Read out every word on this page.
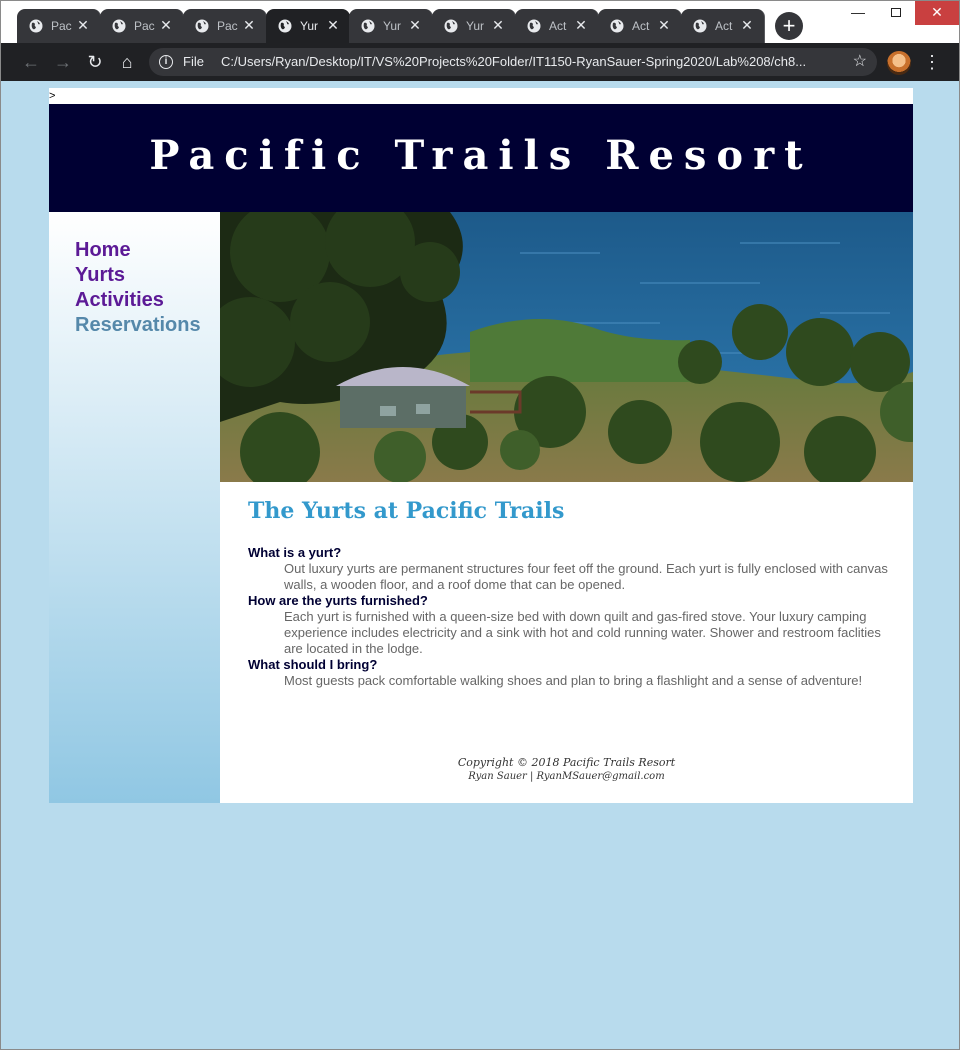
Pac ✕	Pac ✕	Pac ✕	Yur ✕	Yur ✕	Yur ✕	Act ✕	Act ✕	Act ✕	+
—	✕
← → ↻	⌂	i	File C:/Users/Ryan/Desktop/IT/VS%20Projects%20Folder/IT1150-RyanSauer-Spring2020/Lab%208/ch8...	☆	⋮
>
Pacific Trails Resort
Home
Yurts
Activities
Reservations
The Yurts at Pacific Trails
What is a yurt?
Out luxury yurts are permanent structures four feet off the ground. Each yurt is fully enclosed with canvas walls, a wooden floor, and a roof dome that can be opened.
How are the yurts furnished?
Each yurt is furnished with a queen-size bed with down quilt and gas-fired stove. Your luxury camping experience includes electricity and a sink with hot and cold running water. Shower and restroom faclities are located in the lodge.
What should I bring?
Most guests pack comfortable walking shoes and plan to bring a flashlight and a sense of adventure!
Copyright © 2018 Pacific Trails Resort
Ryan Sauer | RyanMSauer@gmail.com
